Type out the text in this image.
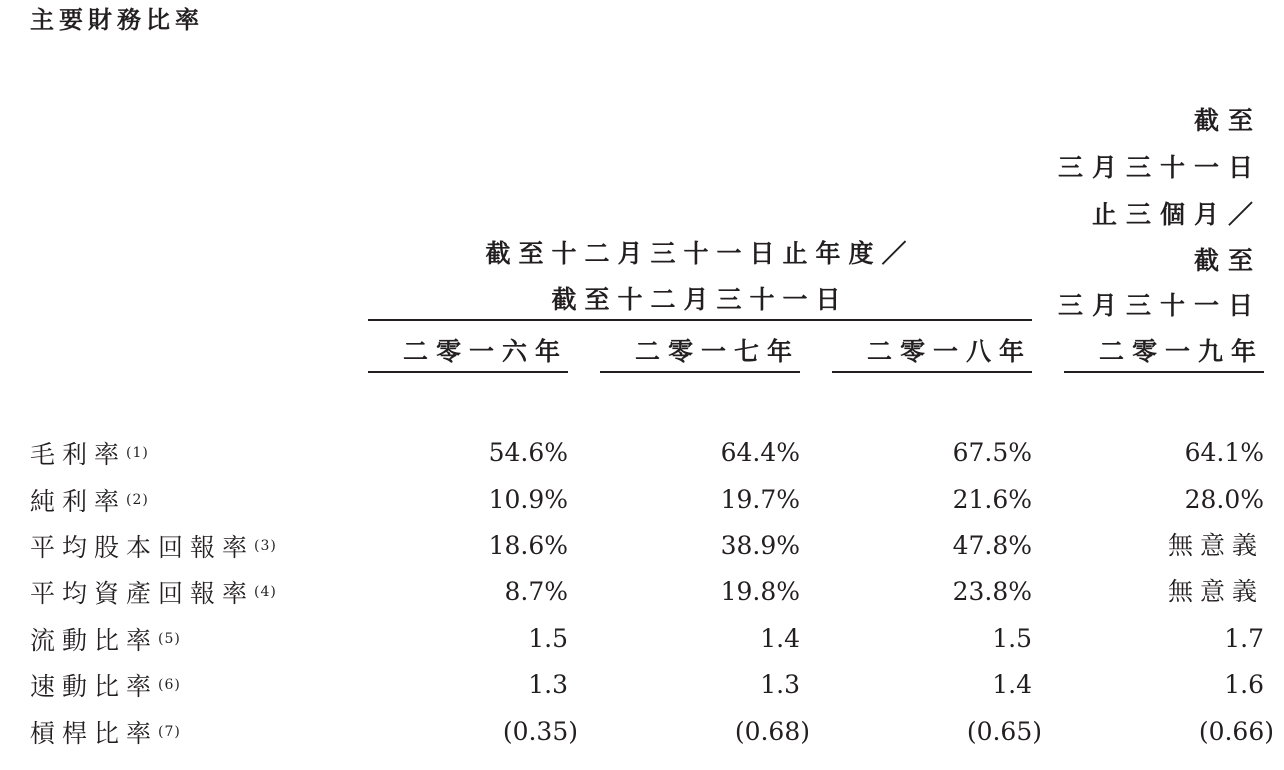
主要財務比率
截至
三月三十一日
止三個月／
截至
三月三十一日
截至十二月三十一日止年度／
截至十二月三十一日
二零一六年	二零一七年	二零一八年	二零一九年
毛利率$^{(1)}$	54.6%	64.4%	67.5%	64.1%
純利率$^{(2)}$	10.9%	19.7%	21.6%	28.0%
平均股本回報率$^{(3)}$	18.6%	38.9%	47.8%	無意義
平均資產回報率$^{(4)}$	8.7%	19.8%	23.8%	無意義
流動比率$^{(5)}$	1.5	1.4	1.5	1.7
速動比率$^{(6)}$	1.3	1.3	1.4	1.6
槓桿比率$^{(7)}$	(0.35)	(0.68)	(0.65)	(0.66)
